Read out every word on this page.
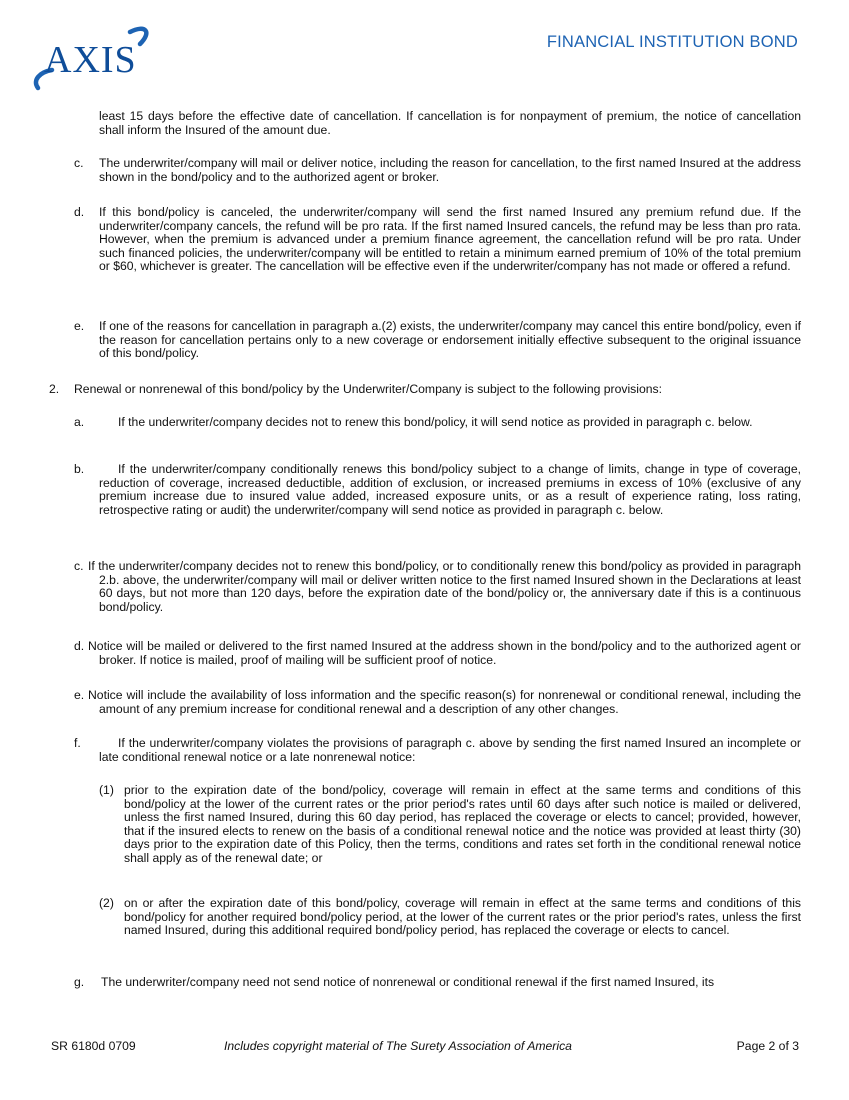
AXIS	FINANCIAL INSTITUTION BOND
least 15 days before the effective date of cancellation. If cancellation is for nonpayment of premium, the notice of cancellation shall inform the Insured of the amount due.
c. The underwriter/company will mail or deliver notice, including the reason for cancellation, to the first named Insured at the address shown in the bond/policy and to the authorized agent or broker.
d. If this bond/policy is canceled, the underwriter/company will send the first named Insured any premium refund due. If the underwriter/company cancels, the refund will be pro rata. If the first named Insured cancels, the refund may be less than pro rata. However, when the premium is advanced under a premium finance agreement, the cancellation refund will be pro rata. Under such financed policies, the underwriter/company will be entitled to retain a minimum earned premium of 10% of the total premium or $60, whichever is greater. The cancellation will be effective even if the underwriter/company has not made or offered a refund.
e. If one of the reasons for cancellation in paragraph a.(2) exists, the underwriter/company may cancel this entire bond/policy, even if the reason for cancellation pertains only to a new coverage or endorsement initially effective subsequent to the original issuance of this bond/policy.
2. Renewal or nonrenewal of this bond/policy by the Underwriter/Company is subject to the following provisions:
a.	If the underwriter/company decides not to renew this bond/policy, it will send notice as provided in paragraph c. below.
b.	If the underwriter/company conditionally renews this bond/policy subject to a change of limits, change in type of coverage, reduction of coverage, increased deductible, addition of exclusion, or increased premiums in excess of 10% (exclusive of any premium increase due to insured value added, increased exposure units, or as a result of experience rating, loss rating, retrospective rating or audit) the underwriter/company will send notice as provided in paragraph c. below.
c. If the underwriter/company decides not to renew this bond/policy, or to conditionally renew this bond/policy as provided in paragraph 2.b. above, the underwriter/company will mail or deliver written notice to the first named Insured shown in the Declarations at least 60 days, but not more than 120 days, before the expiration date of the bond/policy or, the anniversary date if this is a continuous bond/policy.
d. Notice will be mailed or delivered to the first named Insured at the address shown in the bond/policy and to the authorized agent or broker. If notice is mailed, proof of mailing will be sufficient proof of notice.
e. Notice will include the availability of loss information and the specific reason(s) for nonrenewal or conditional renewal, including the amount of any premium increase for conditional renewal and a description of any other changes.
f.	If the underwriter/company violates the provisions of paragraph c. above by sending the first named Insured an incomplete or late conditional renewal notice or a late nonrenewal notice:
(1) prior to the expiration date of the bond/policy, coverage will remain in effect at the same terms and conditions of this bond/policy at the lower of the current rates or the prior period's rates until 60 days after such notice is mailed or delivered, unless the first named Insured, during this 60 day period, has replaced the coverage or elects to cancel; provided, however, that if the insured elects to renew on the basis of a conditional renewal notice and the notice was provided at least thirty (30) days prior to the expiration date of this Policy, then the terms, conditions and rates set forth in the conditional renewal notice shall apply as of the renewal date; or
(2) on or after the expiration date of this bond/policy, coverage will remain in effect at the same terms and conditions of this bond/policy for another required bond/policy period, at the lower of the current rates or the prior period's rates, unless the first named Insured, during this additional required bond/policy period, has replaced the coverage or elects to cancel.
g. The underwriter/company need not send notice of nonrenewal or conditional renewal if the first named Insured, its
SR 6180d 0709	Includes copyright material of The Surety Association of America	Page 2 of 3
